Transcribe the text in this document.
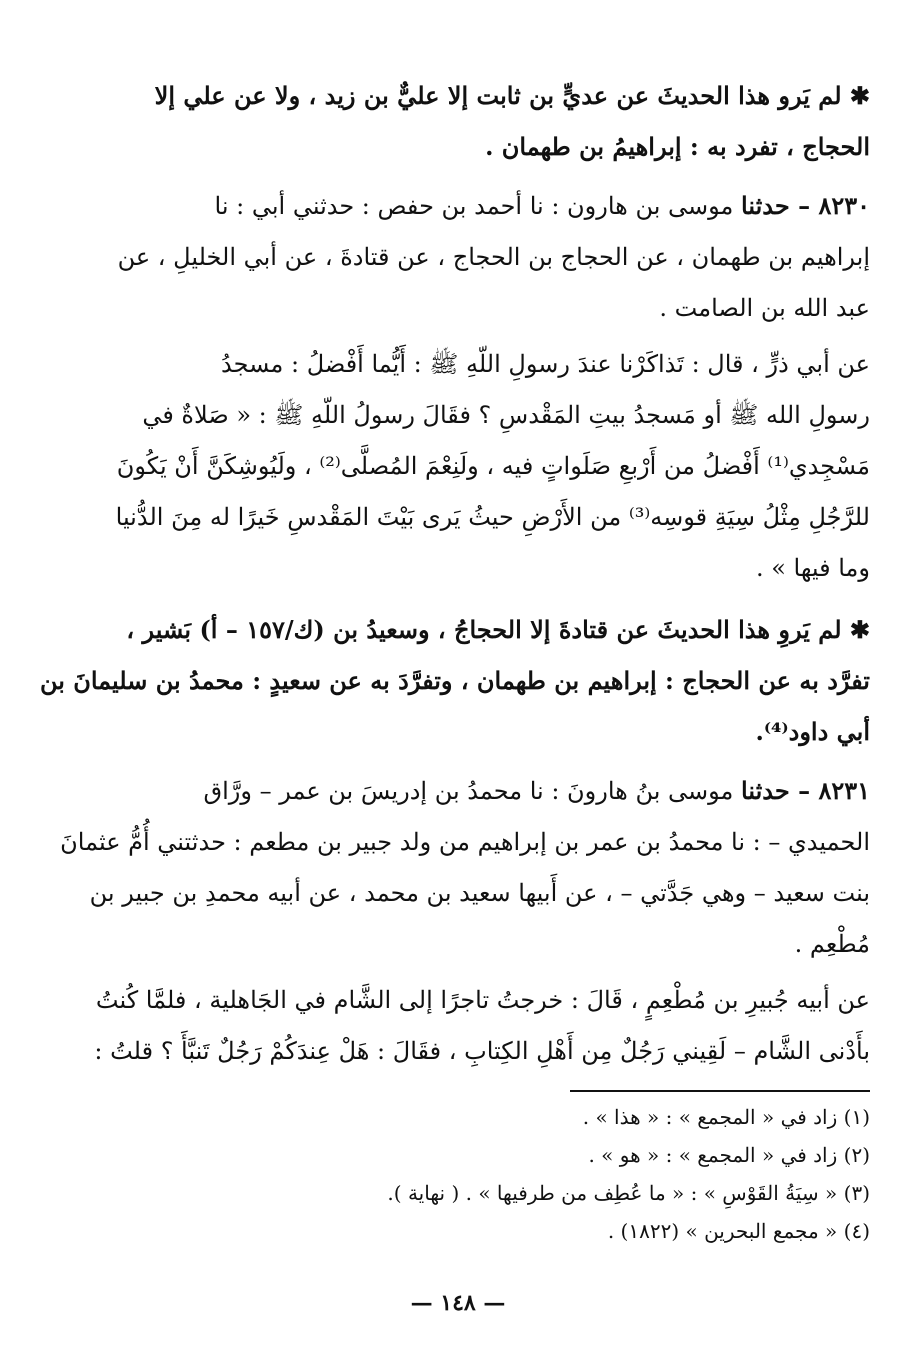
✱ لم يَرو هذا الحديثَ عن عديٍّ بن ثابت إلا عليٌّ بن زيد ، ولا عن علي إلا
الحجاج ، تفرد به : إبراهيمُ بن طهمان .
٨٢٣٠ – حدثنا موسى بن هارون : نا أحمد بن حفص : حدثني أبي : نا
إبراهيم بن طهمان ، عن الحجاج بن الحجاج ، عن قتادةَ ، عن أبي الخليلِ ، عن
عبد الله بن الصامت .
عن أبي ذرٍّ ، قال : تَذاكَرْنا عندَ رسولِ اللّهِ ﷺ : أَيُّما أَفْضلُ : مسجدُ
رسولِ الله ﷺ أو مَسجدُ بيتِ المَقْدسِ ؟ فقَالَ رسولُ اللّهِ ﷺ : « صَلاةٌ في
مَسْجِدي⁽¹⁾ أَفْضلُ من أَرْبعِ صَلَواتٍ فيه ، ولَنِعْمَ المُصلَّى⁽²⁾ ، ولَيُوشِكَنَّ أَنْ يَكُونَ
للرَّجُلِ مِثْلُ سِيَةِ قوسِه⁽³⁾ من الأَرْضِ حيثُ يَرى بَيْتَ المَقْدسِ خَيرًا له مِنَ الدُّنيا
وما فيها » .
✱ لم يَروِ هذا الحديثَ عن قتادةَ إلا الحجاجُ ، وسعيدُ بن (ك/١٥٧ – أ) بَشير ،
تفرَّد به عن الحجاج : إبراهيم بن طهمان ، وتفرَّدَ به عن سعيدٍ : محمدُ بن سليمانَ بن
أبي داود⁽⁴⁾.
٨٢٣١ – حدثنا موسى بنُ هارونَ : نا محمدُ بن إدريسَ بن عمر – ورَّاق
الحميدي – : نا محمدُ بن عمر بن إبراهيم من ولد جبير بن مطعم : حدثتني أُمُّ عثمانَ
بنت سعيد – وهي جَدَّتي – ، عن أَبيها سعيد بن محمد ، عن أبيه محمدِ بن جبير بن
مُطْعِم .
عن أبيه جُبيرِ بن مُطْعِمٍ ، قَالَ : خرجتُ تاجرًا إلى الشَّام في الجَاهلية ، فلمَّا كُنتُ
بأَدْنى الشَّام – لَقِيني رَجُلٌ مِن أَهْلِ الكِتابِ ، فقَالَ : هَلْ عِندَكُمْ رَجُلٌ تَنبَّأَ ؟ قلتُ :
(١) زاد في « المجمع » : « هذا » .
(٢) زاد في « المجمع » : « هو » .
(٣) « سِيَةُ القَوْسِ » : « ما عُطِف من طرفيها » . ( نهاية ).
(٤) « مجمع البحرين » (١٨٢٢) .
— ١٤٨ —
